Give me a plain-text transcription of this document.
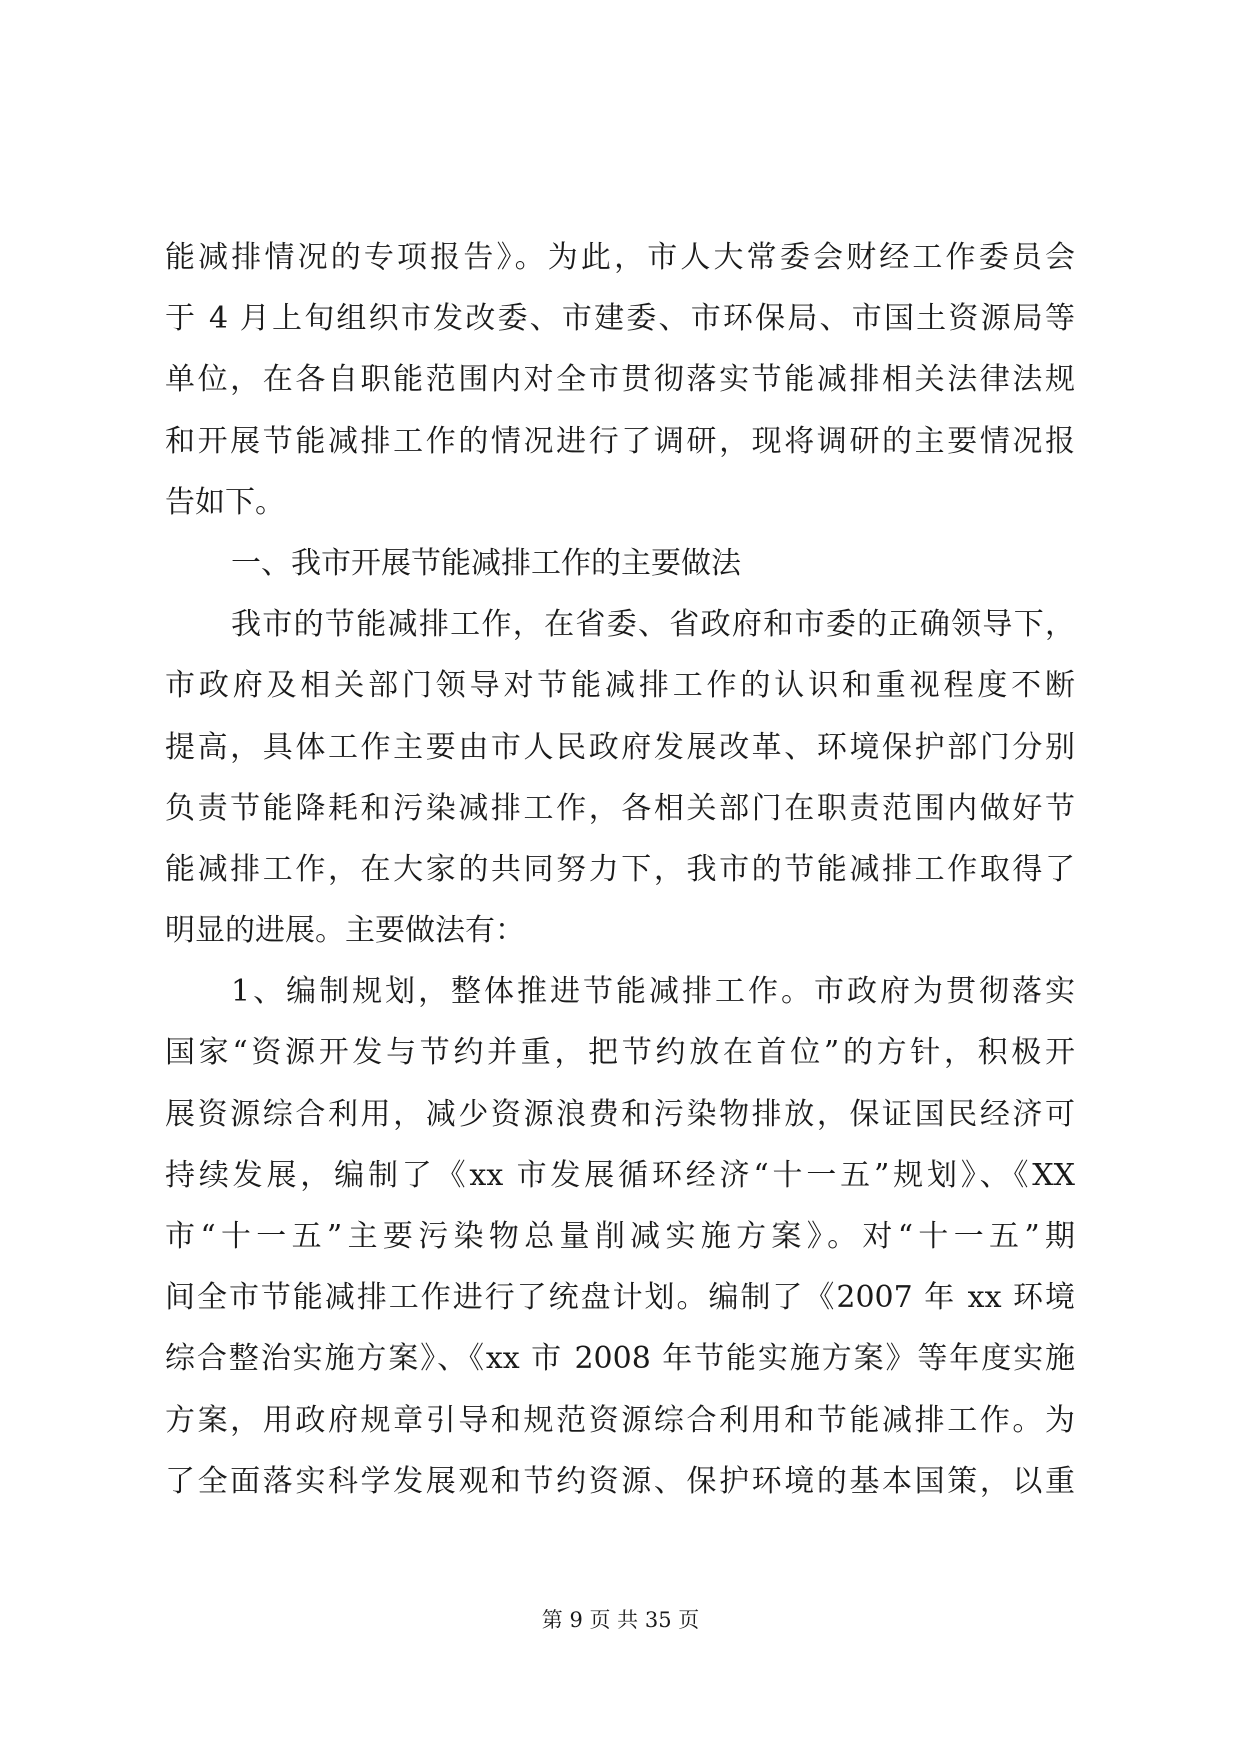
能减排情况的专项报告》。为此，市人大常委会财经工作委员会
于 4 月上旬组织市发改委、市建委、市环保局、市国土资源局等
单位，在各自职能范围内对全市贯彻落实节能减排相关法律法规
和开展节能减排工作的情况进行了调研，现将调研的主要情况报
告如下。
一、我市开展节能减排工作的主要做法
我市的节能减排工作，在省委、省政府和市委的正确领导下，
市政府及相关部门领导对节能减排工作的认识和重视程度不断
提高，具体工作主要由市人民政府发展改革、环境保护部门分别
负责节能降耗和污染减排工作，各相关部门在职责范围内做好节
能减排工作，在大家的共同努力下，我市的节能减排工作取得了
明显的进展。主要做法有：
1、编制规划，整体推进节能减排工作。市政府为贯彻落实
国家“资源开发与节约并重，把节约放在首位”的方针，积极开
展资源综合利用，减少资源浪费和污染物排放，保证国民经济可
持续发展，编制了《xx 市发展循环经济“十一五”规划》、《XX
市“十一五”主要污染物总量削减实施方案》。对“十一五”期
间全市节能减排工作进行了统盘计划。编制了《2007 年 xx 环境
综合整治实施方案》、《xx 市 2008 年节能实施方案》等年度实施
方案，用政府规章引导和规范资源综合利用和节能减排工作。为
了全面落实科学发展观和节约资源、保护环境的基本国策，以重
第 9 页 共 35 页
